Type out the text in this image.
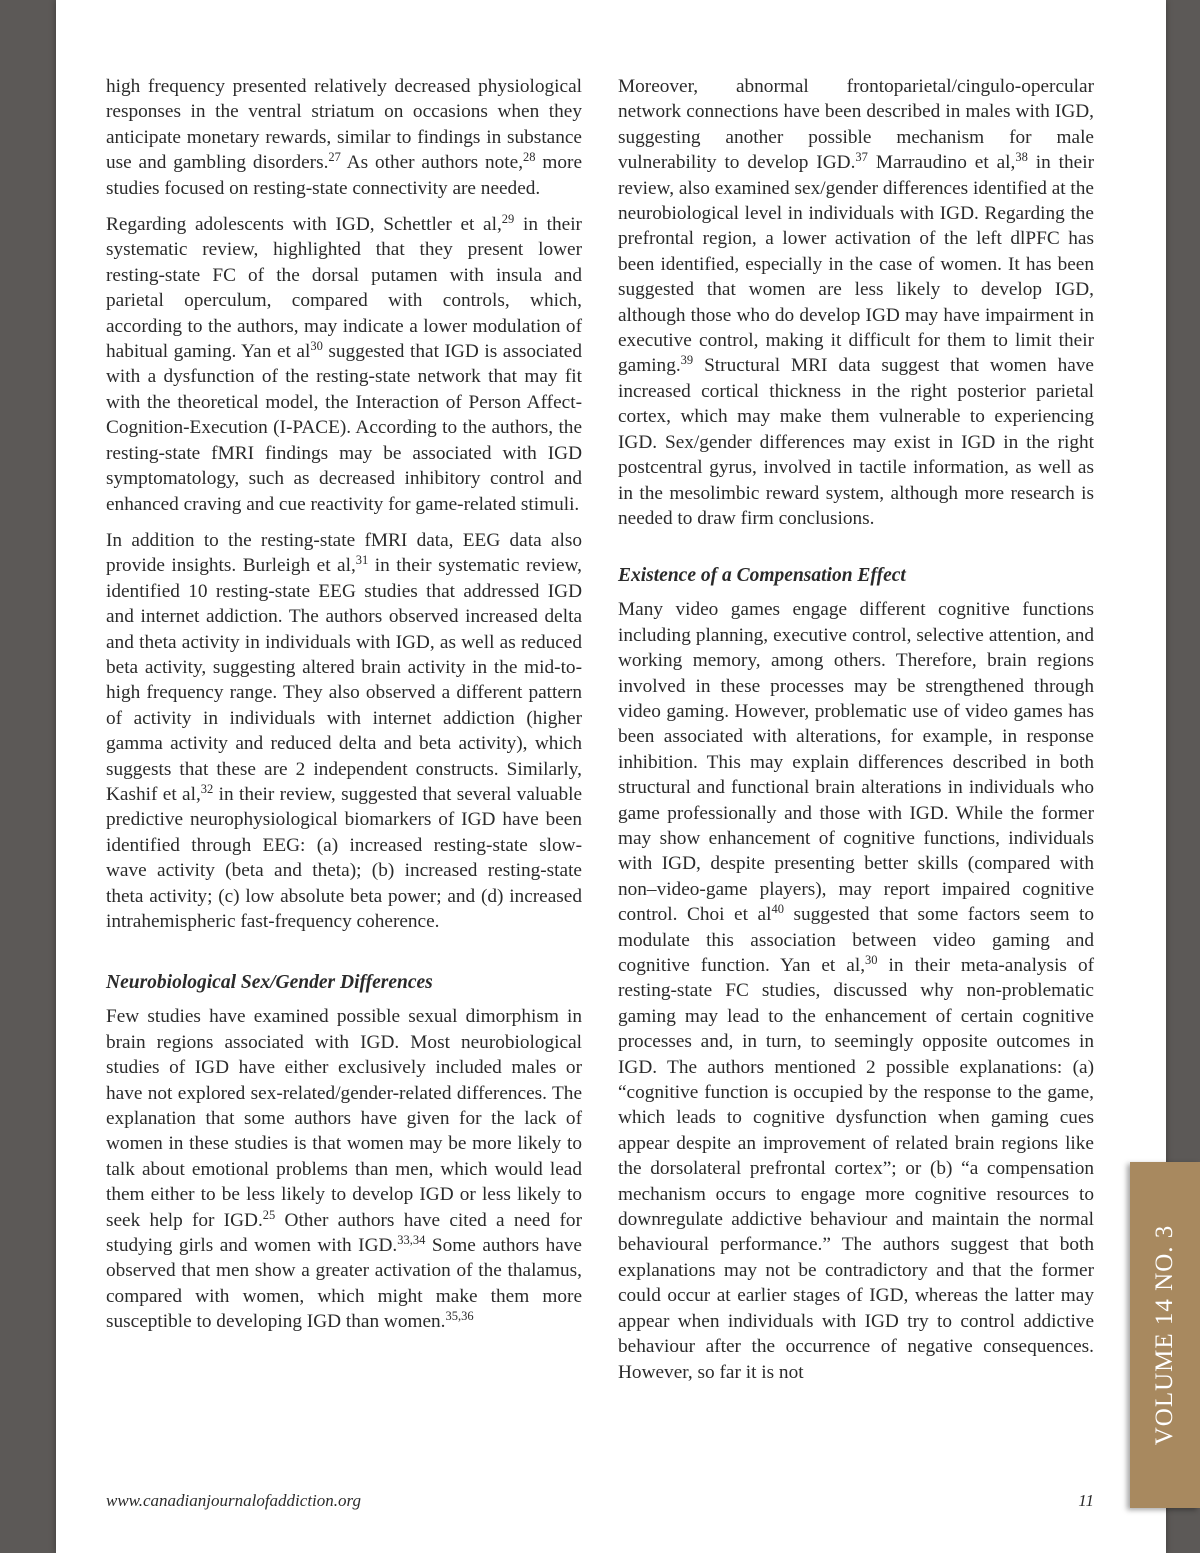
high frequency presented relatively decreased physiological responses in the ventral striatum on occasions when they anticipate monetary rewards, similar to findings in substance use and gambling disorders.$^{27}$ As other authors note,$^{28}$ more studies focused on resting-state connectivity are needed.

Regarding adolescents with IGD, Schettler et al,$^{29}$ in their systematic review, highlighted that they present lower resting-state FC of the dorsal putamen with insula and parietal operculum, compared with controls, which, according to the authors, may indicate a lower modulation of habitual gaming. Yan et $al^{30}$ suggested that IGD is associated with a dysfunction of the resting-state network that may fit with the theoretical model, the Interaction of Person Affect-Cognition-Execution (I-PACE). According to the authors, the resting-state fMRI findings may be associated with IGD symptomatology, such as decreased inhibitory control and enhanced craving and cue reactivity for game-related stimuli.

In addition to the resting-state fMRI data, EEG data also provide insights. Burleigh et al,$^{31}$ in their systematic review, identified 10 resting-state EEG studies that addressed IGD and internet addiction. The authors observed increased delta and theta activity in individuals with IGD, as well as reduced beta activity, suggesting altered brain activity in the mid-to-high frequency range. They also observed a different pattern of activity in individuals with internet addiction (higher gamma activity and reduced delta and beta activity), which suggests that these are 2 independent constructs. Similarly, Kashif et al,$^{32}$ in their review, suggested that several valuable predictive neurophysiological biomarkers of IGD have been identified through EEG: (a) increased resting-state slow-wave activity (beta and theta); (b) increased resting-state theta activity; (c) low absolute beta power; and (d) increased intrahemispheric fast-frequency coherence.

Neurobiological Sex/Gender Differences

Few studies have examined possible sexual dimorphism in brain regions associated with IGD. Most neurobiological studies of IGD have either exclusively included males or have not explored sex-related/gender-related differences. The explanation that some authors have given for the lack of women in these studies is that women may be more likely to talk about emotional problems than men, which would lead them either to be less likely to develop IGD or less likely to seek help for IGD.$^{25}$ Other authors have cited a need for studying girls and women with IGD.$^{33,34}$ Some authors have observed that men show a greater activation of the thalamus, compared with women, which might make them more susceptible to developing IGD than women.$^{35,36}$

Moreover, abnormal frontoparietal/cingulo-opercular network connections have been described in males with IGD, suggesting another possible mechanism for male vulnerability to develop IGD.$^{37}$ Marraudino et al,$^{38}$ in their review, also examined sex/gender differences identified at the neurobiological level in individuals with IGD. Regarding the prefrontal region, a lower activation of the left dlPFC has been identified, especially in the case of women. It has been suggested that women are less likely to develop IGD, although those who do develop IGD may have impairment in executive control, making it difficult for them to limit their gaming.$^{39}$ Structural MRI data suggest that women have increased cortical thickness in the right posterior parietal cortex, which may make them vulnerable to experiencing IGD. Sex/gender differences may exist in IGD in the right postcentral gyrus, involved in tactile information, as well as in the mesolimbic reward system, although more research is needed to draw firm conclusions.

Existence of a Compensation Effect

Many video games engage different cognitive functions including planning, executive control, selective attention, and working memory, among others. Therefore, brain regions involved in these processes may be strengthened through video gaming. However, problematic use of video games has been associated with alterations, for example, in response inhibition. This may explain differences described in both structural and functional brain alterations in individuals who game professionally and those with IGD. While the former may show enhancement of cognitive functions, individuals with IGD, despite presenting better skills (compared with non–video-game players), may report impaired cognitive control. Choi et $al^{40}$ suggested that some factors seem to modulate this association between video gaming and cognitive function. Yan et al,$^{30}$ in their meta-analysis of resting-state FC studies, discussed why non-problematic gaming may lead to the enhancement of certain cognitive processes and, in turn, to seemingly opposite outcomes in IGD. The authors mentioned 2 possible explanations: (a) “cognitive function is occupied by the response to the game, which leads to cognitive dysfunction when gaming cues appear despite an improvement of related brain regions like the dorsolateral prefrontal cortex”; or (b) “a compensation mechanism occurs to engage more cognitive resources to downregulate addictive behaviour and maintain the normal behavioural performance.” The authors suggest that both explanations may not be contradictory and that the former could occur at earlier stages of IGD, whereas the latter may appear when individuals with IGD try to control addictive behaviour after the occurrence of negative consequences. However, so far it is not	VOLUME 14 NO. 3
www.canadianjournalofaddiction.org	11
